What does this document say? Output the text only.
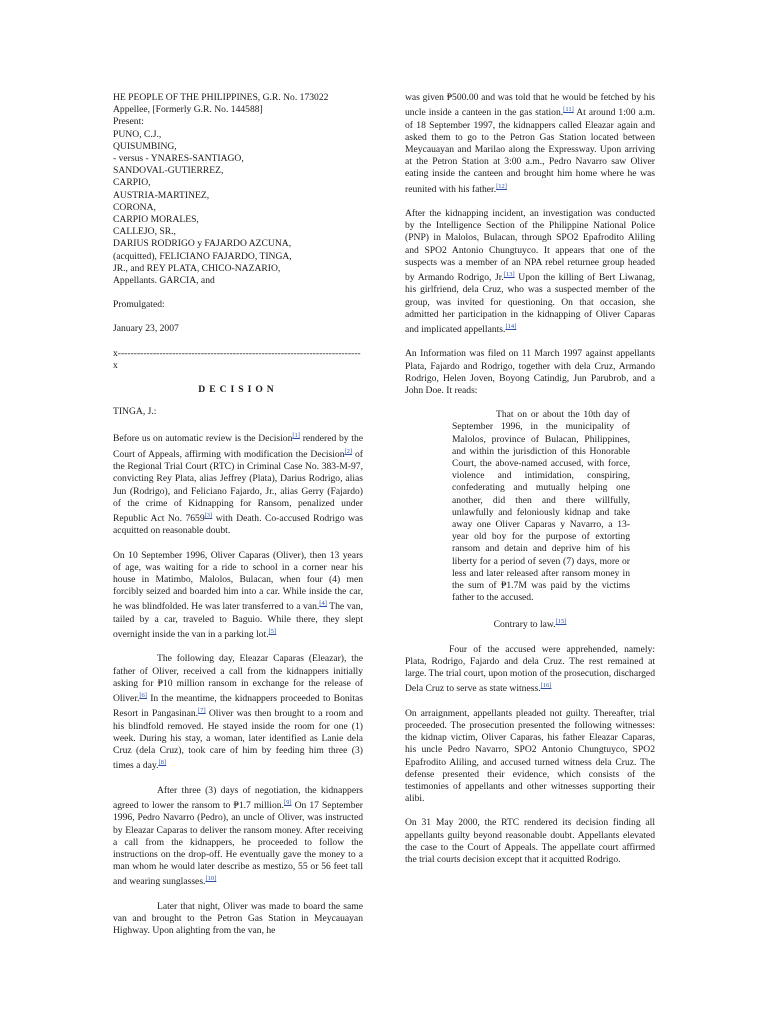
HE PEOPLE OF THE PHILIPPINES, G.R. No. 173022

Appellee, [Formerly G.R. No. 144588]

Present:

PUNO, C.J.,

QUISUMBING,

- versus - YNARES-SANTIAGO,

SANDOVAL-GUTIERREZ,

CARPIO,

AUSTRIA-MARTINEZ,

CORONA,

CARPIO MORALES,

CALLEJO, SR.,

DARIUS RODRIGO y FAJARDO AZCUNA,

(acquitted), FELICIANO FAJARDO, TINGA,

JR., and REY PLATA, CHICO-NAZARIO,

Appellants. GARCIA, and

Promulgated:

January 23, 2007

x---------------------------------------------------------------------------- x

DECISION

TINGA, J.:

Before us on automatic review is the Decision[1] rendered by the Court of Appeals, affirming with modification the Decision[2] of the Regional Trial Court (RTC) in Criminal Case No. 383-M-97, convicting Rey Plata, alias Jeffrey (Plata), Darius Rodrigo, alias Jun (Rodrigo), and Feliciano Fajardo, Jr., alias Gerry (Fajardo) of the crime of Kidnapping for Ransom, penalized under Republic Act No. 7659[3] with Death. Co-accused Rodrigo was acquitted on reasonable doubt.

On 10 September 1996, Oliver Caparas (Oliver), then 13 years of age, was waiting for a ride to school in a corner near his house in Matimbo, Malolos, Bulacan, when four (4) men forcibly seized and boarded him into a car. While inside the car, he was blindfolded. He was later transferred to a van.[4] The van, tailed by a car, traveled to Baguio. While there, they slept overnight inside the van in a parking lot.[5]

The following day, Eleazar Caparas (Eleazar), the father of Oliver, received a call from the kidnappers initially asking for ₱10 million ransom in exchange for the release of Oliver.[6] In the meantime, the kidnappers proceeded to Bonitas Resort in Pangasinan.[7] Oliver was then brought to a room and his blindfold removed. He stayed inside the room for one (1) week. During his stay, a woman, later identified as Lanie dela Cruz (dela Cruz), took care of him by feeding him three (3) times a day.[8]

After three (3) days of negotiation, the kidnappers agreed to lower the ransom to ₱1.7 million.[9] On 17 September 1996, Pedro Navarro (Pedro), an uncle of Oliver, was instructed by Eleazar Caparas to deliver the ransom money. After receiving a call from the kidnappers, he proceeded to follow the instructions on the drop-off. He eventually gave the money to a man whom he would later describe as mestizo, 55 or 56 feet tall and wearing sunglasses.[10]

Later that night, Oliver was made to board the same van and brought to the Petron Gas Station in Meycauayan Highway. Upon alighting from the van, he

was given ₱500.00 and was told that he would be fetched by his uncle inside a canteen in the gas station.[11] At around 1:00 a.m. of 18 September 1997, the kidnappers called Eleazar again and asked them to go to the Petron Gas Station located between Meycauayan and Marilao along the Expressway. Upon arriving at the Petron Station at 3:00 a.m., Pedro Navarro saw Oliver eating inside the canteen and brought him home where he was reunited with his father.[12]

After the kidnapping incident, an investigation was conducted by the Intelligence Section of the Philippine National Police (PNP) in Malolos, Bulacan, through SPO2 Epafrodito Aliling and SPO2 Antonio Chungtuyco. It appears that one of the suspects was a member of an NPA rebel returnee group headed by Armando Rodrigo, Jr.[13] Upon the killing of Bert Liwanag, his girlfriend, dela Cruz, who was a suspected member of the group, was invited for questioning. On that occasion, she admitted her participation in the kidnapping of Oliver Caparas and implicated appellants.[14]

An Information was filed on 11 March 1997 against appellants Plata, Fajardo and Rodrigo, together with dela Cruz, Armando Rodrigo, Helen Joven, Boyong Catindig, Jun Parubrob, and a John Doe. It reads:

That on or about the 10th day of September 1996, in the municipality of Malolos, province of Bulacan, Philippines, and within the jurisdiction of this Honorable Court, the above-named accused, with force, violence and intimidation, conspiring, confederating and mutually helping one another, did then and there willfully, unlawfully and feloniously kidnap and take away one Oliver Caparas y Navarro, a 13-year old boy for the purpose of extorting ransom and detain and deprive him of his liberty for a period of seven (7) days, more or less and later released after ransom money in the sum of ₱1.7M was paid by the victims father to the accused.

Contrary to law.[15]

Four of the accused were apprehended, namely: Plata, Rodrigo, Fajardo and dela Cruz. The rest remained at large. The trial court, upon motion of the prosecution, discharged Dela Cruz to serve as state witness.[16]

On arraignment, appellants pleaded not guilty. Thereafter, trial proceeded. The prosecution presented the following witnesses: the kidnap victim, Oliver Caparas, his father Eleazar Caparas, his uncle Pedro Navarro, SPO2 Antonio Chungtuyco, SPO2 Epafrodito Aliling, and accused turned witness dela Cruz. The defense presented their evidence, which consists of the testimonies of appellants and other witnesses supporting their alibi.

On 31 May 2000, the RTC rendered its decision finding all appellants guilty beyond reasonable doubt. Appellants elevated the case to the Court of Appeals. The appellate court affirmed the trial courts decision except that it acquitted Rodrigo.
